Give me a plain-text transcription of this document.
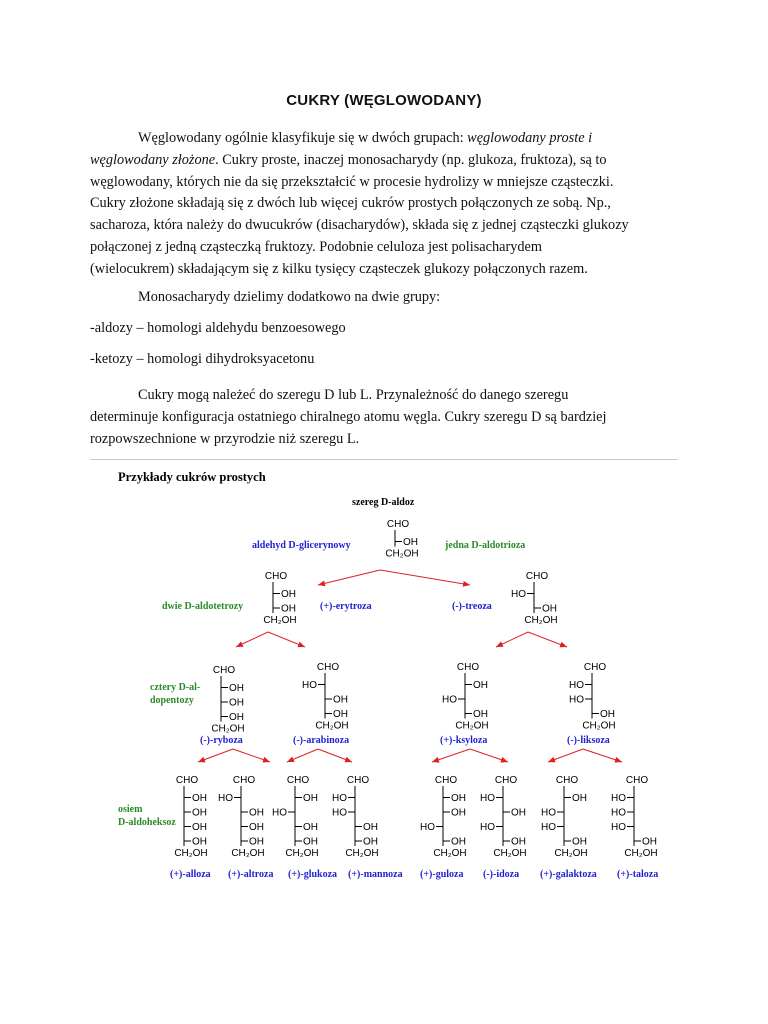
CUKRY (WĘGLOWODANY)
Węglowodany ogólnie klasyfikuje się w dwóch grupach: węglowodany proste i
węglowodany złożone. Cukry proste, inaczej monosacharydy (np. glukoza, fruktoza), są to
węglowodany, których nie da się przekształcić w procesie hydrolizy w mniejsze cząsteczki.
Cukry złożone składają się z dwóch lub więcej cukrów prostych połączonych ze sobą. Np.,
sacharoza, która należy do dwucukrów (disacharydów), składa się z jednej cząsteczki glukozy
połączonej z jedną cząsteczką fruktozy. Podobnie celuloza jest polisacharydem
(wielocukrem) składającym się z kilku tysięcy cząsteczek glukozy połączonych razem.
Monosacharydy dzielimy dodatkowo na dwie grupy:
-aldozy – homologi aldehydu benzoesowego
-ketozy – homologi dihydroksyacetonu
Cukry mogą należeć do szeregu D lub L. Przynależność do danego szeregu
determinuje konfiguracja ostatniego chiralnego atomu węgla. Cukry szeregu D są bardziej
rozpowszechnione w przyrodzie niż szeregu L.
Przykłady cukrów prostych
szereg D-aldoz
aldehyd D-glicerynowy	jedna D-aldotrioza
dwie D-aldotetrozy
cztery D-al-
dopentozy
osiem
D-aldoheksoz
(+)-erytroza	(-)-treoza
(-)-ryboza	(-)-arabinoza	(+)-ksyloza	(-)-liksoza
(+)-alloza (+)-altroza (+)-glukoza (+)-mannoza (+)-guloza (-)-idoza (+)-galaktoza (+)-taloza
CHO
OH
CH₂OH
CHO
OH
OH
CH₂OH
CHO
HO
OH
CH₂OH
CHO
OH
OH
OH
CH₂OH
CHO
HO
OH
OH
CH₂OH
CHO
OH
HO
OH
CH₂OH
CHO
HO
HO
OH
CH₂OH
CHO
OH
OH
OH
OH
CH₂OH
CHO
HO
OH
OH
OH
CH₂OH
CHO
OH
HO
OH
OH
CH₂OH
CHO
HO
HO
OH
OH
CH₂OH
CHO
OH
OH
HO
OH
CH₂OH
CHO
HO
OH
HO
OH
CH₂OH
CHO
OH
HO
HO
OH
CH₂OH
CHO
HO
HO
HO
OH
CH₂OH
